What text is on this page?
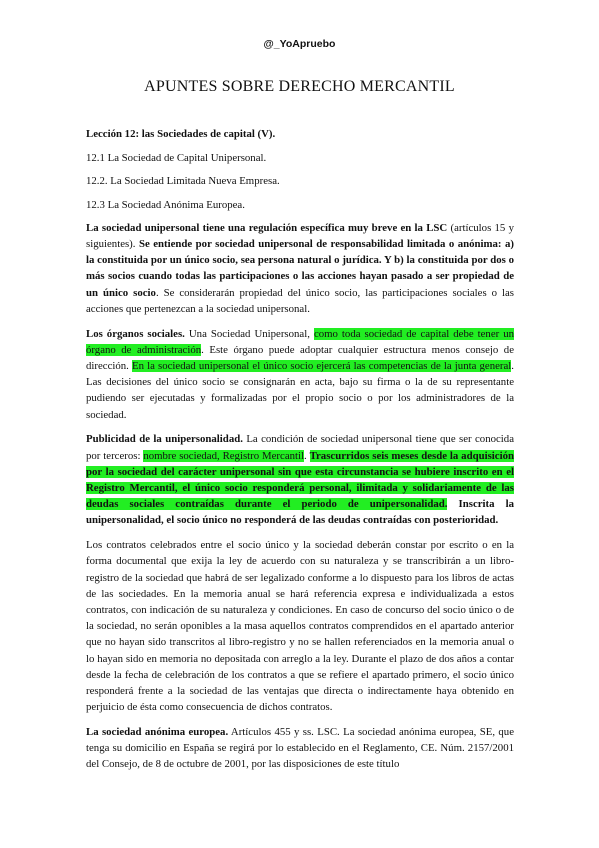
@_YoApruebo
APUNTES SOBRE DERECHO MERCANTIL

Lección 12: las Sociedades de capital (V).

12.1 La Sociedad de Capital Unipersonal.

12.2. La Sociedad Limitada Nueva Empresa.

12.3 La Sociedad Anónima Europea.

La sociedad unipersonal tiene una regulación específica muy breve en la LSC (artículos 15 y siguientes). Se entiende por sociedad unipersonal de responsabilidad limitada o anónima: a) la constituida por un único socio, sea persona natural o jurídica. Y b) la constituida por dos o más socios cuando todas las participaciones o las acciones hayan pasado a ser propiedad de un único socio. Se considerarán propiedad del único socio, las participaciones sociales o las acciones que pertenezcan a la sociedad unipersonal.

Los órganos sociales. Una Sociedad Unipersonal, como toda sociedad de capital debe tener un órgano de administración. Este órgano puede adoptar cualquier estructura menos consejo de dirección. En la sociedad unipersonal el único socio ejercerá las competencias de la junta general. Las decisiones del único socio se consignarán en acta, bajo su firma o la de su representante pudiendo ser ejecutadas y formalizadas por el propio socio o por los administradores de la sociedad.

Publicidad de la unipersonalidad. La condición de sociedad unipersonal tiene que ser conocida por terceros: nombre sociedad, Registro Mercantil. Trascurridos seis meses desde la adquisición por la sociedad del carácter unipersonal sin que esta circunstancia se hubiere inscrito en el Registro Mercantil, el único socio responderá personal, ilimitada y solidariamente de las deudas sociales contraídas durante el periodo de unipersonalidad. Inscrita la unipersonalidad, el socio único no responderá de las deudas contraídas con posterioridad.

Los contratos celebrados entre el socio único y la sociedad deberán constar por escrito o en la forma documental que exija la ley de acuerdo con su naturaleza y se transcribirán a un libro-registro de la sociedad que habrá de ser legalizado conforme a lo dispuesto para los libros de actas de las sociedades. En la memoria anual se hará referencia expresa e individualizada a estos contratos, con indicación de su naturaleza y condiciones. En caso de concurso del socio único o de la sociedad, no serán oponibles a la masa aquellos contratos comprendidos en el apartado anterior que no hayan sido transcritos al libro-registro y no se hallen referenciados en la memoria anual o lo hayan sido en memoria no depositada con arreglo a la ley. Durante el plazo de dos años a contar desde la fecha de celebración de los contratos a que se refiere el apartado primero, el socio único responderá frente a la sociedad de las ventajas que directa o indirectamente haya obtenido en perjuicio de ésta como consecuencia de dichos contratos.

La sociedad anónima europea. Artículos 455 y ss. LSC. La sociedad anónima europea, SE, que tenga su domicilio en España se regirá por lo establecido en el Reglamento, CE. Núm. 2157/2001 del Consejo, de 8 de octubre de 2001, por las disposiciones de este título
